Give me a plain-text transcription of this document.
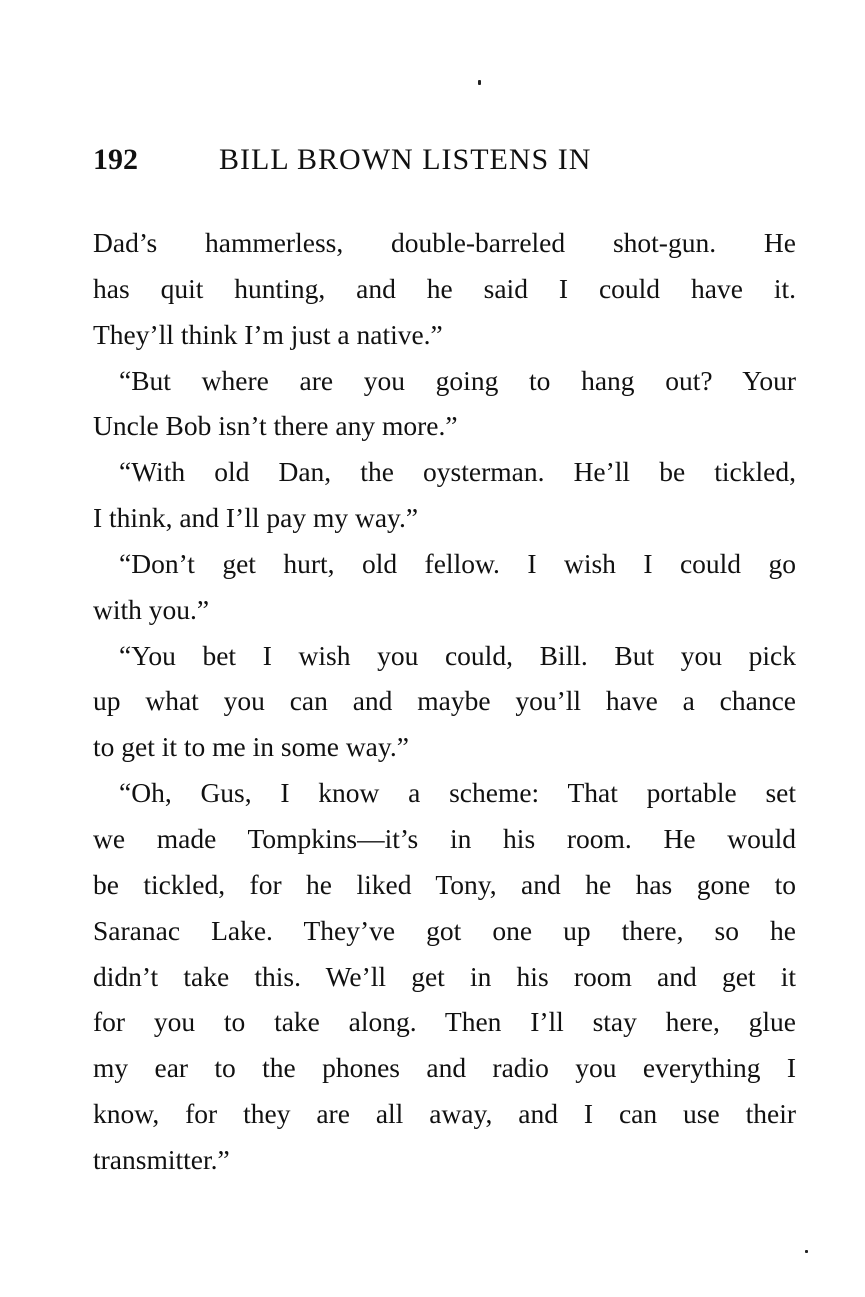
192	BILL BROWN LISTENS IN
Dad’s hammerless, double-barreled shot-gun. He
has quit hunting, and he said I could have it.
They’ll think I’m just a native.”
“But where are you going to hang out? Your
Uncle Bob isn’t there any more.”
“With old Dan, the oysterman. He’ll be tickled,
I think, and I’ll pay my way.”
“Don’t get hurt, old fellow. I wish I could go
with you.”
“You bet I wish you could, Bill. But you pick
up what you can and maybe you’ll have a chance
to get it to me in some way.”
“Oh, Gus, I know a scheme: That portable set
we made Tompkins—it’s in his room. He would
be tickled, for he liked Tony, and he has gone to
Saranac Lake. They’ve got one up there, so he
didn’t take this. We’ll get in his room and get it
for you to take along. Then I’ll stay here, glue
my ear to the phones and radio you everything I
know, for they are all away, and I can use their
transmitter.”
